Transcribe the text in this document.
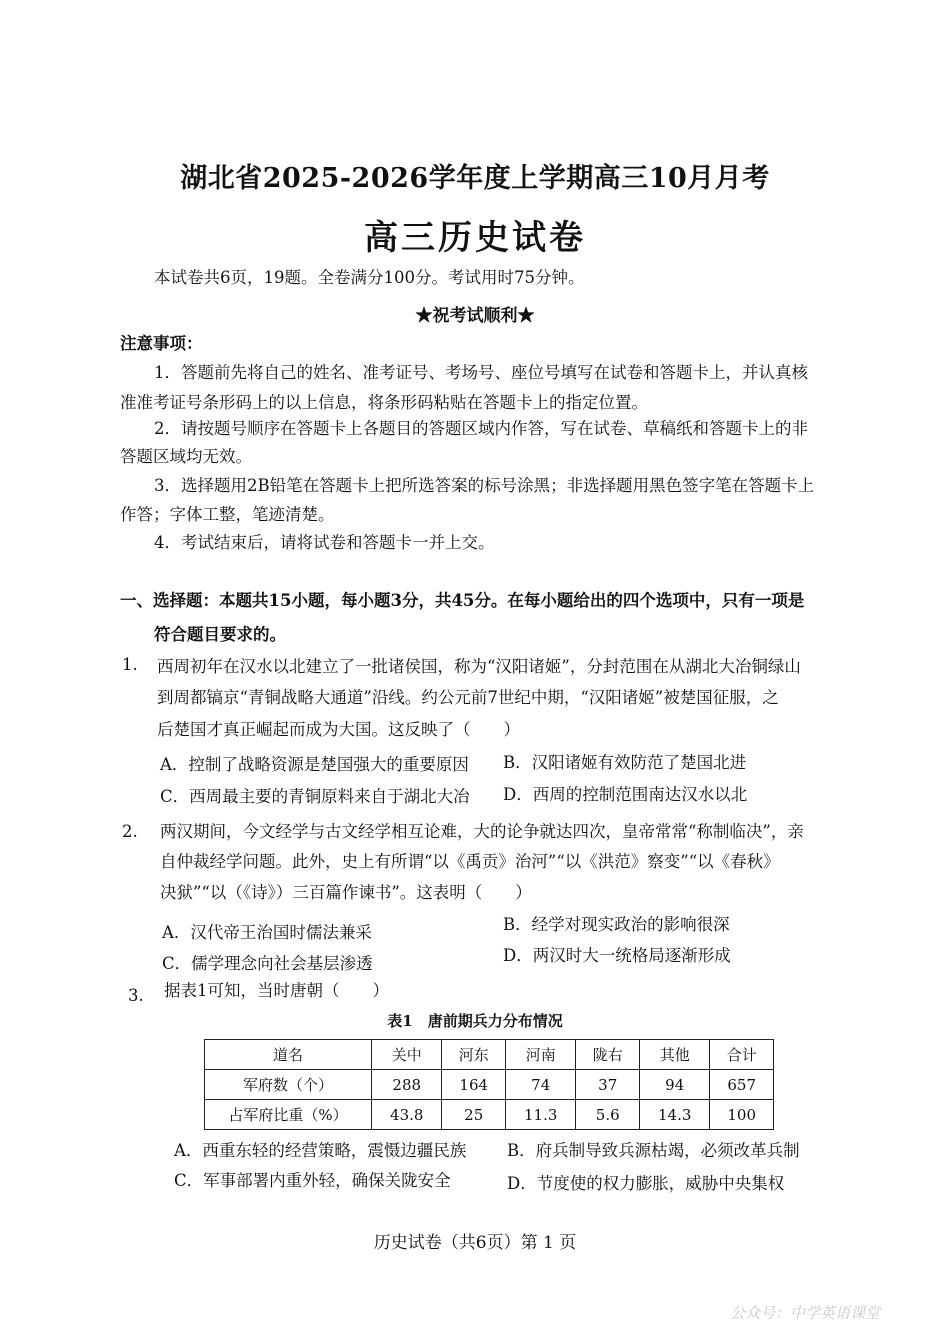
湖北省2025-2026学年度上学期高三10月月考
高三历史试卷
本试卷共6页，19题。全卷满分100分。考试用时75分钟。
★祝考试顺利★
注意事项：
1．答题前先将自己的姓名、准考证号、考场号、座位号填写在试卷和答题卡上，并认真核
准准考证号条形码上的以上信息，将条形码粘贴在答题卡上的指定位置。
2．请按题号顺序在答题卡上各题目的答题区域内作答，写在试卷、草稿纸和答题卡上的非
答题区域均无效。
3．选择题用2B铅笔在答题卡上把所选答案的标号涂黑；非选择题用黑色签字笔在答题卡上
作答；字体工整，笔迹清楚。
4．考试结束后，请将试卷和答题卡一并上交。
一、选择题：本题共15小题，每小题3分，共45分。在每小题给出的四个选项中，只有一项是
符合题目要求的。
1. 西周初年在汉水以北建立了一批诸侯国，称为“汉阳诸姬”，分封范围在从湖北大冶铜绿山
到周都镐京“青铜战略大通道”沿线。约公元前7世纪中期，“汉阳诸姬”被楚国征服，之
后楚国才真正崛起而成为大国。这反映了（　　）
A．控制了战略资源是楚国强大的重要原因 B．汉阳诸姬有效防范了楚国北进
C．西周最主要的青铜原料来自于湖北大冶 D．西周的控制范围南达汉水以北
2. 两汉期间，今文经学与古文经学相互论难，大的论争就达四次，皇帝常常“称制临决”，亲
自仲裁经学问题。此外，史上有所谓“以《禹贡》治河”“以《洪范》察变”“以《春秋》
决狱”“以（《诗》）三百篇作谏书”。这表明（　　）
A．汉代帝王治国时儒法兼采	B．经学对现实政治的影响很深
C．儒学理念向社会基层渗透	D．两汉时大一统格局逐渐形成
3. 据表1可知，当时唐朝（　　）
表1　唐前期兵力分布情况
道名	关中	河东	河南	陇右	其他	合计
军府数（个）	288	164	74	37	94	657
占军府比重（%）	43.8	25	11.3	5.6	14.3	100
A．西重东轻的经营策略，震慑边疆民族 B．府兵制导致兵源枯竭，必须改革兵制
C．军事部署内重外轻，确保关陇安全	D．节度使的权力膨胀，威胁中央集权
历史试卷（共6页）第 1 页
公众号：中学英语课堂
